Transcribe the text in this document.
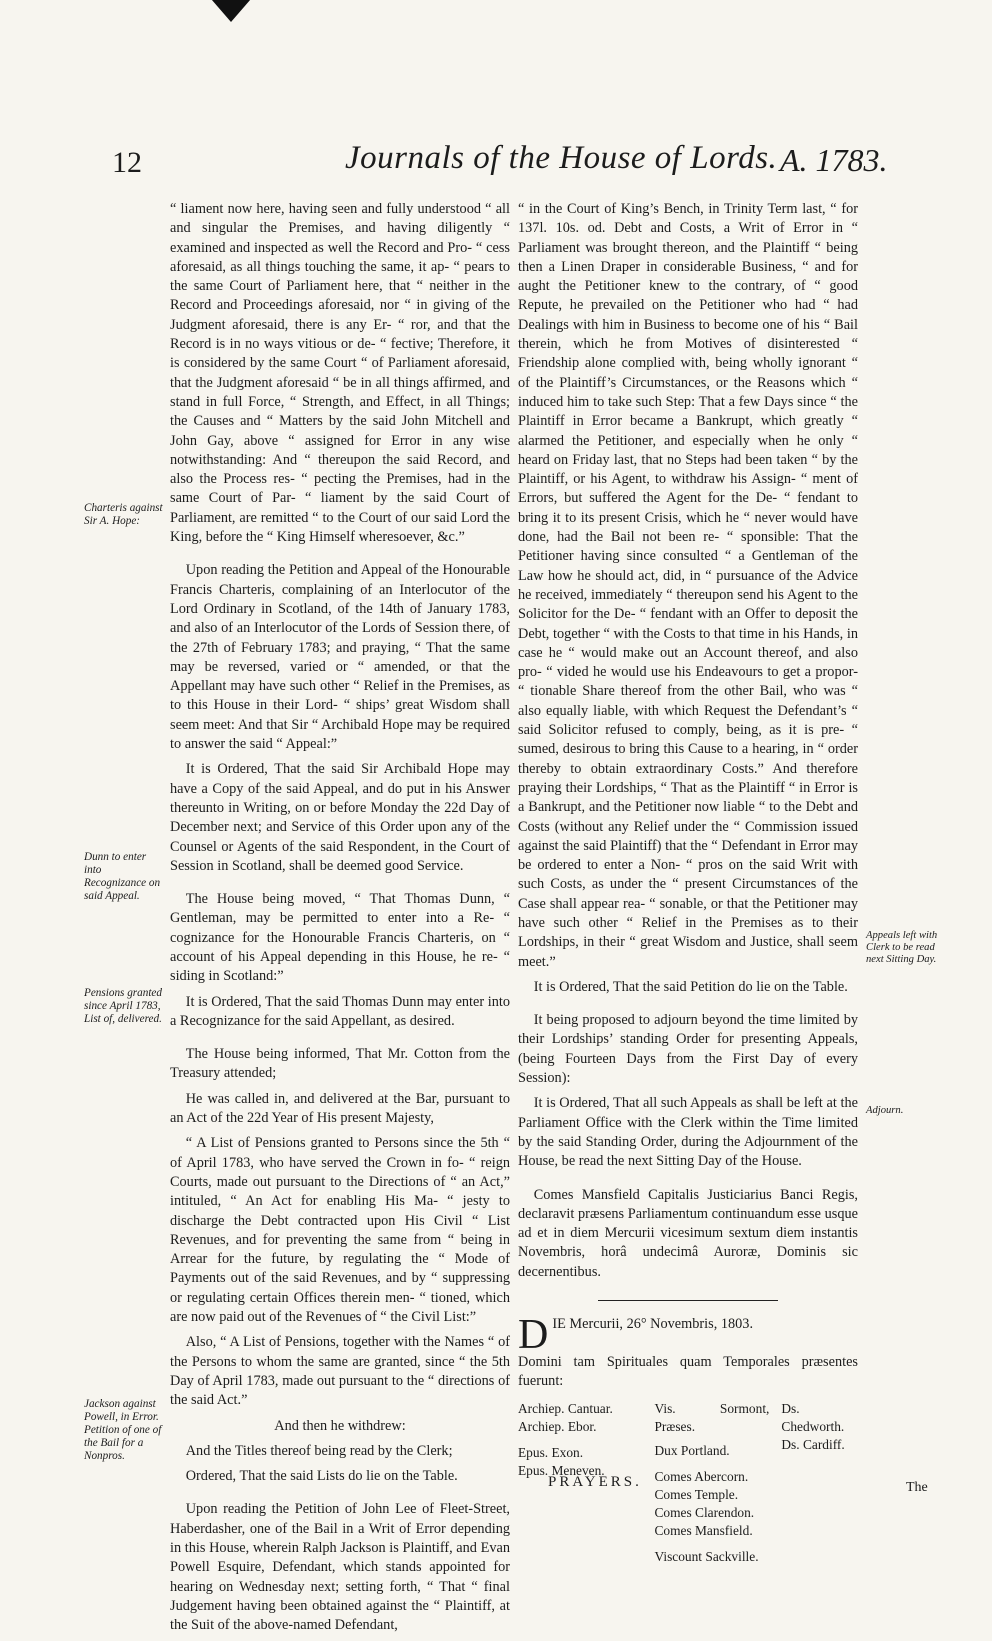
12	Journals of the House of Lords. A. 1783.
Charteris against Sir A. Hope:
Dunn to enter into Recognizance on said Appeal.
Pensions granted since April 1783, List of, delivered.
Jackson against Powell, in Error. Petition of one of the Bail for a Nonpros.
Appeals left with Clerk to be read next Sitting Day.
Adjourn.

“ liament now here, having seen and fully understood “ all and singular the Premises, and having diligently “ examined and inspected as well the Record and Pro- “ cess aforesaid, as all things touching the same, it ap- “ pears to the same Court of Parliament here, that “ neither in the Record and Proceedings aforesaid, nor “ in giving of the Judgment aforesaid, there is any Er- “ ror, and that the Record is in no ways vitious or de- “ fective; Therefore, it is considered by the same Court “ of Parliament aforesaid, that the Judgment aforesaid “ be in all things affirmed, and stand in full Force, “ Strength, and Effect, in all Things; the Causes and “ Matters by the said John Mitchell and John Gay, above “ assigned for Error in any wise notwithstanding: And “ thereupon the said Record, and also the Process res- “ pecting the Premises, had in the same Court of Par- “ liament by the said Court of Parliament, are remitted “ to the Court of our said Lord the King, before the “ King Himself wheresoever, &c.”

Upon reading the Petition and Appeal of the Honourable Francis Charteris, complaining of an Interlocutor of the Lord Ordinary in Scotland, of the 14th of January 1783, and also of an Interlocutor of the Lords of Session there, of the 27th of February 1783; and praying, “ That the same may be reversed, varied or “ amended, or that the Appellant may have such other “ Relief in the Premises, as to this House in their Lord- “ ships’ great Wisdom shall seem meet: And that Sir “ Archibald Hope may be required to answer the said “ Appeal:”

It is Ordered, That the said Sir Archibald Hope may have a Copy of the said Appeal, and do put in his Answer thereunto in Writing, on or before Monday the 22d Day of December next; and Service of this Order upon any of the Counsel or Agents of the said Respondent, in the Court of Session in Scotland, shall be deemed good Service.

The House being moved, “ That Thomas Dunn, “ Gentleman, may be permitted to enter into a Re- “ cognizance for the Honourable Francis Charteris, on “ account of his Appeal depending in this House, he re- “ siding in Scotland:”

It is Ordered, That the said Thomas Dunn may enter into a Recognizance for the said Appellant, as desired.

The House being informed, That Mr. Cotton from the Treasury attended;

He was called in, and delivered at the Bar, pursuant to an Act of the 22d Year of His present Majesty,

“ A List of Pensions granted to Persons since the 5th “ of April 1783, who have served the Crown in fo- “ reign Courts, made out pursuant to the Directions of “ an Act,” intituled, “ An Act for enabling His Ma- “ jesty to discharge the Debt contracted upon His Civil “ List Revenues, and for preventing the same from “ being in Arrear for the future, by regulating the “ Mode of Payments out of the said Revenues, and by “ suppressing or regulating certain Offices therein men- “ tioned, which are now paid out of the Revenues of “ the Civil List:”

Also, “ A List of Pensions, together with the Names “ of the Persons to whom the same are granted, since “ the 5th Day of April 1783, made out pursuant to the “ directions of the said Act.”

And then he withdrew:

And the Titles thereof being read by the Clerk;

Ordered, That the said Lists do lie on the Table.

Upon reading the Petition of John Lee of Fleet-Street, Haberdasher, one of the Bail in a Writ of Error depending in this House, wherein Ralph Jackson is Plaintiff, and Evan Powell Esquire, Defendant, which stands appointed for hearing on Wednesday next; setting forth, “ That “ final Judgement having been obtained against the “ Plaintiff, at the Suit of the above-named Defendant,

“ in the Court of King’s Bench, in Trinity Term last, “ for 137l. 10s. od. Debt and Costs, a Writ of Error in “ Parliament was brought thereon, and the Plaintiff “ being then a Linen Draper in considerable Business, “ and for aught the Petitioner knew to the contrary, of “ good Repute, he prevailed on the Petitioner who had “ had Dealings with him in Business to become one of his “ Bail therein, which he from Motives of disinterested “ Friendship alone complied with, being wholly ignorant “ of the Plaintiff’s Circumstances, or the Reasons which “ induced him to take such Step: That a few Days since “ the Plaintiff in Error became a Bankrupt, which greatly “ alarmed the Petitioner, and especially when he only “ heard on Friday last, that no Steps had been taken “ by the Plaintiff, or his Agent, to withdraw his Assign- “ ment of Errors, but suffered the Agent for the De- “ fendant to bring it to its present Crisis, which he “ never would have done, had the Bail not been re- “ sponsible: That the Petitioner having since consulted “ a Gentleman of the Law how he should act, did, in “ pursuance of the Advice he received, immediately “ thereupon send his Agent to the Solicitor for the De- “ fendant with an Offer to deposit the Debt, together “ with the Costs to that time in his Hands, in case he “ would make out an Account thereof, and also pro- “ vided he would use his Endeavours to get a propor- “ tionable Share thereof from the other Bail, who was “ also equally liable, with which Request the Defendant’s “ said Solicitor refused to comply, being, as it is pre- “ sumed, desirous to bring this Cause to a hearing, in “ order thereby to obtain extraordinary Costs.” And therefore praying their Lordships, “ That as the Plaintiff “ in Error is a Bankrupt, and the Petitioner now liable “ to the Debt and Costs (without any Relief under the “ Commission issued against the said Plaintiff) that the “ Defendant in Error may be ordered to enter a Non- “ pros on the said Writ with such Costs, as under the “ present Circumstances of the Case shall appear rea- “ sonable, or that the Petitioner may have such other “ Relief in the Premises as to their Lordships, in their “ great Wisdom and Justice, shall seem meet.”

It is Ordered, That the said Petition do lie on the Table.

It being proposed to adjourn beyond the time limited by their Lordships’ standing Order for presenting Appeals, (being Fourteen Days from the First Day of every Session):

It is Ordered, That all such Appeals as shall be left at the Parliament Office with the Clerk within the Time limited by the said Standing Order, during the Adjournment of the House, be read the next Sitting Day of the House.

Comes Mansfield Capitalis Justiciarius Banci Regis, declaravit præsens Parliamentum continuandum esse usque ad et in diem Mercurii vicesimum sextum diem instantis Novembris, horâ undecimâ Auroræ, Dominis sic decernentibus.

DIE Mercurii, 26° Novembris, 1803.

Domini tam Spirituales quam Temporales præsentes fuerunt:

Archiep. Cantuar.
Archiep. Ebor.
Epus. Exon.
Epus. Meneven.
Vis. Sormont, Præses.
Dux Portland.
Comes Abercorn.
Comes Temple.
Comes Clarendon.
Comes Mansfield.
Viscount Sackville.
Ds. Chedworth.
Ds. Cardiff.
PRAYERS.	The
